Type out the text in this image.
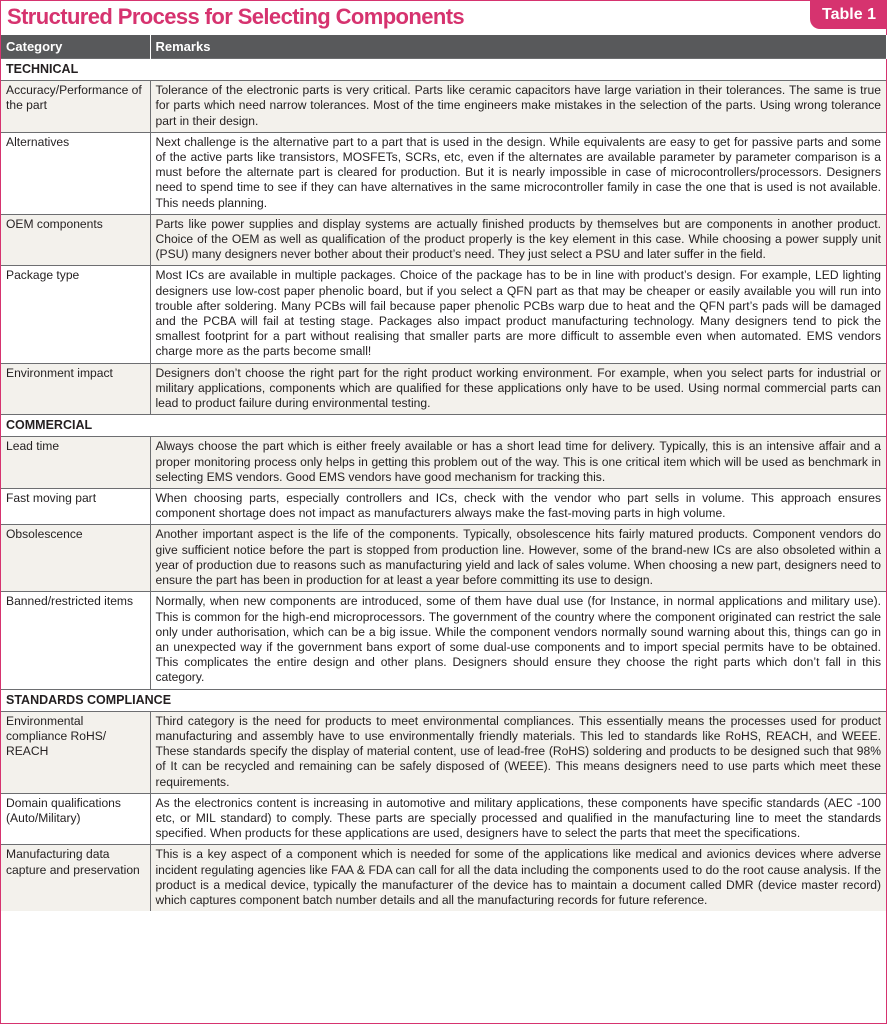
Structured Process for Selecting Components	Table 1
Category	Remarks
TECHNICAL	
Accuracy/Performance of the part	Tolerance of the electronic parts is very critical. Parts like ceramic capacitors have large variation in their tolerances. The same is true for parts which need narrow tolerances. Most of the time engineers make mistakes in the selection of the parts. Using wrong tolerance part in their design.
Alternatives	Next challenge is the alternative part to a part that is used in the design. While equivalents are easy to get for passive parts and some of the active parts like transistors, MOSFETs, SCRs, etc, even if the alternates are available parameter by parameter comparison is a must before the alternate part is cleared for production. But it is nearly impossible in case of microcontrollers/processors. Designers need to spend time to see if they can have alternatives in the same microcontroller family in case the one that is used is not available. This needs planning.
OEM components	Parts like power supplies and display systems are actually finished products by themselves but are components in another product. Choice of the OEM as well as qualification of the product properly is the key element in this case. While choosing a power supply unit (PSU) many designers never bother about their product’s need. They just select a PSU and later suffer in the field.
Package type	Most ICs are available in multiple packages. Choice of the package has to be in line with product’s design. For example, LED lighting designers use low-cost paper phenolic board, but if you select a QFN part as that may be cheaper or easily available you will run into trouble after soldering. Many PCBs will fail because paper phenolic PCBs warp due to heat and the QFN part’s pads will be damaged and the PCBA will fail at testing stage. Packages also impact product manufacturing technology. Many designers tend to pick the smallest footprint for a part without realising that smaller parts are more difficult to assemble even when automated. EMS vendors charge more as the parts become small!
Environment impact	Designers don’t choose the right part for the right product working environment. For example, when you select parts for industrial or military applications, components which are qualified for these applications only have to be used. Using normal commercial parts can lead to product failure during environmental testing.
COMMERCIAL	
Lead time	Always choose the part which is either freely available or has a short lead time for delivery. Typically, this is an intensive affair and a proper monitoring process only helps in getting this problem out of the way. This is one critical item which will be used as benchmark in selecting EMS vendors. Good EMS vendors have good mechanism for tracking this.
Fast moving part	When choosing parts, especially controllers and ICs, check with the vendor who part sells in volume. This approach ensures component shortage does not impact as manufacturers always make the fast-moving parts in high volume.
Obsolescence	Another important aspect is the life of the components. Typically, obsolescence hits fairly matured products. Component vendors do give sufficient notice before the part is stopped from production line. However, some of the brand-new ICs are also obsoleted within a year of production due to reasons such as manufacturing yield and lack of sales volume. When choosing a new part, designers need to ensure the part has been in production for at least a year before committing its use to design.
Banned/restricted items	Normally, when new components are introduced, some of them have dual use (for Instance, in normal applications and military use). This is common for the high-end microprocessors. The government of the country where the component originated can restrict the sale only under authorisation, which can be a big issue. While the component vendors normally sound warning about this, things can go in an unexpected way if the government bans export of some dual-use components and to import special permits have to be obtained. This complicates the entire design and other plans. Designers should ensure they choose the right parts which don’t fall in this category.
STANDARDS COMPLIANCE	
Environmental compliance RoHS/ REACH	Third category is the need for products to meet environmental compliances. This essentially means the processes used for product manufacturing and assembly have to use environmentally friendly materials. This led to standards like RoHS, REACH, and WEEE. These standards specify the display of material content, use of lead-free (RoHS) soldering and products to be designed such that 98% of It can be recycled and remaining can be safely disposed of (WEEE). This means designers need to use parts which meet these requirements.
Domain qualifications (Auto/Military)	As the electronics content is increasing in automotive and military applications, these components have specific standards (AEC -100 etc, or MIL standard) to comply. These parts are specially processed and qualified in the manufacturing line to meet the standards specified. When products for these applications are used, designers have to select the parts that meet the specifications.
Manufacturing data capture and preservation	This is a key aspect of a component which is needed for some of the applications like medical and avionics devices where adverse incident regulating agencies like FAA & FDA can call for all the data including the components used to do the root cause analysis. If the product is a medical device, typically the manufacturer of the device has to maintain a document called DMR (device master record) which captures component batch number details and all the manufacturing records for future reference.
